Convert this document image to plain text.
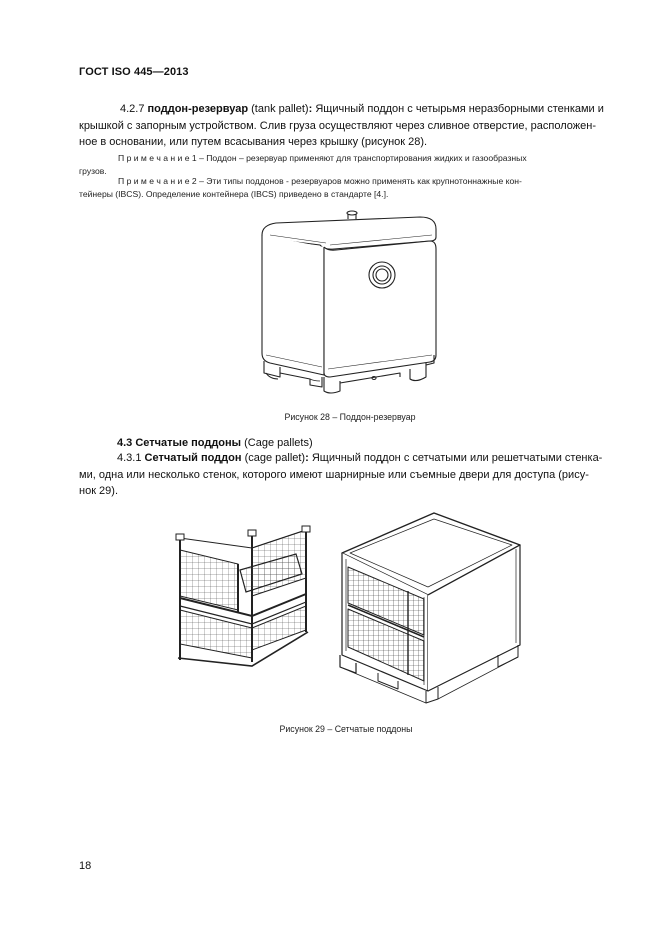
ГОСТ ISO 445—2013
4.2.7 поддон-резервуар (tank pallet): Ящичный поддон с четырьмя неразборными стенками и
крышкой с запорным устройством. Слив груза осуществляют через сливное отверстие, расположен-
ное в основании, или путем всасывания через крышку (рисунок 28).
П р и м е ч а н и е 1 – Поддон – резервуар применяют для транспортирования жидких и газообразных
грузов.
П р и м е ч а н и е 2 – Эти типы поддонов - резервуаров можно применять как крупнотоннажные кон-
тейнеры (IBCS). Определение контейнера (IBCS) приведено в стандарте [4.].
Рисунок 28 – Поддон-резервуар
4.3 Сетчатые поддоны (Cage pallets)
4.3.1 Сетчатый поддон (cage pallet): Ящичный поддон с сетчатыми или решетчатыми стенка-
ми, одна или несколько стенок, которого имеют шарнирные или съемные двери для доступа (рису-
нок 29).
Рисунок 29 – Сетчатые поддоны
18
